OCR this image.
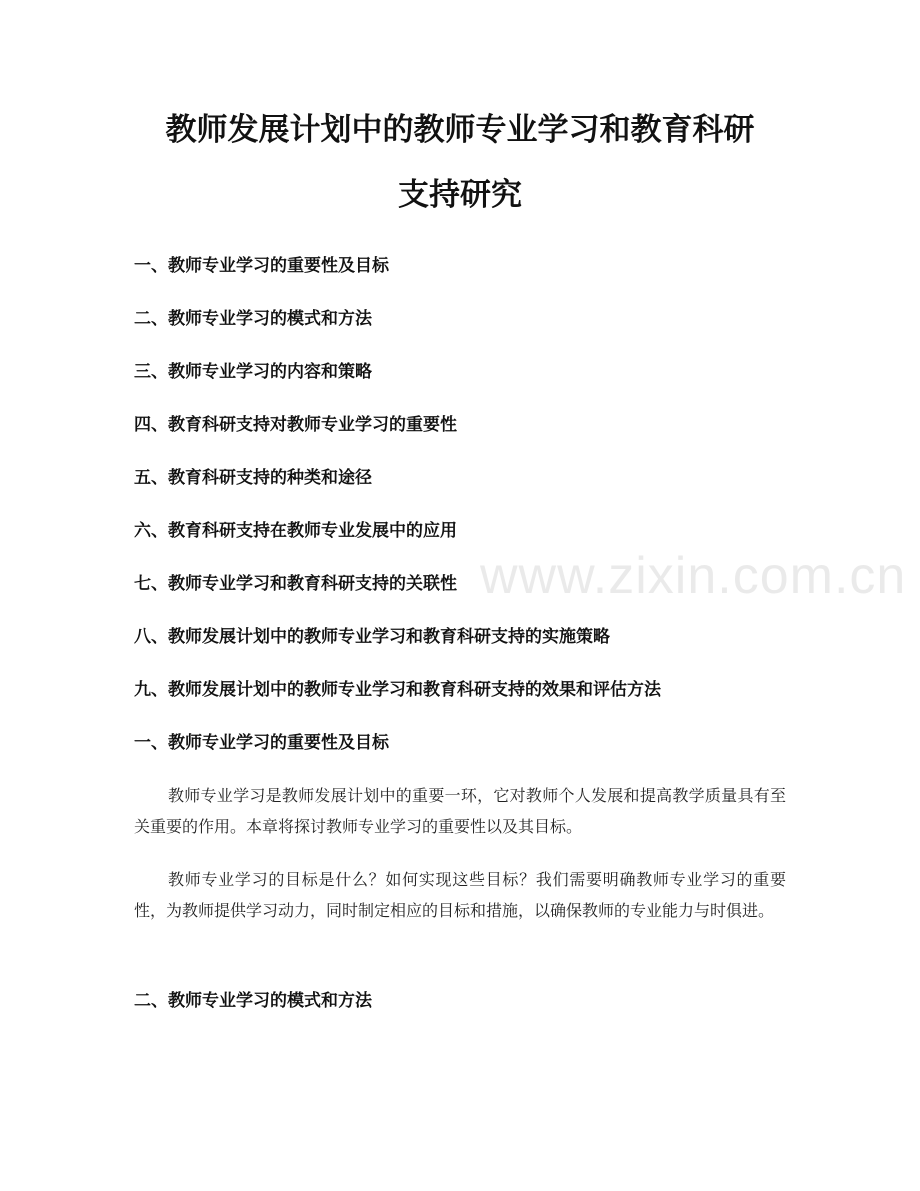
教师发展计划中的教师专业学习和教育科研
支持研究

一、教师专业学习的重要性及目标

二、教师专业学习的模式和方法

三、教师专业学习的内容和策略

四、教育科研支持对教师专业学习的重要性

五、教育科研支持的种类和途径

六、教育科研支持在教师专业发展中的应用

七、教师专业学习和教育科研支持的关联性

八、教师发展计划中的教师专业学习和教育科研支持的实施策略

九、教师发展计划中的教师专业学习和教育科研支持的效果和评估方法

一、教师专业学习的重要性及目标

教师专业学习是教师发展计划中的重要一环，它对教师个人发展和提高教学质量具有至关重要的作用。本章将探讨教师专业学习的重要性以及其目标。

教师专业学习的目标是什么？如何实现这些目标？我们需要明确教师专业学习的重要性，为教师提供学习动力，同时制定相应的目标和措施，以确保教师的专业能力与时俱进。

二、教师专业学习的模式和方法
www.zixin.com.cn
